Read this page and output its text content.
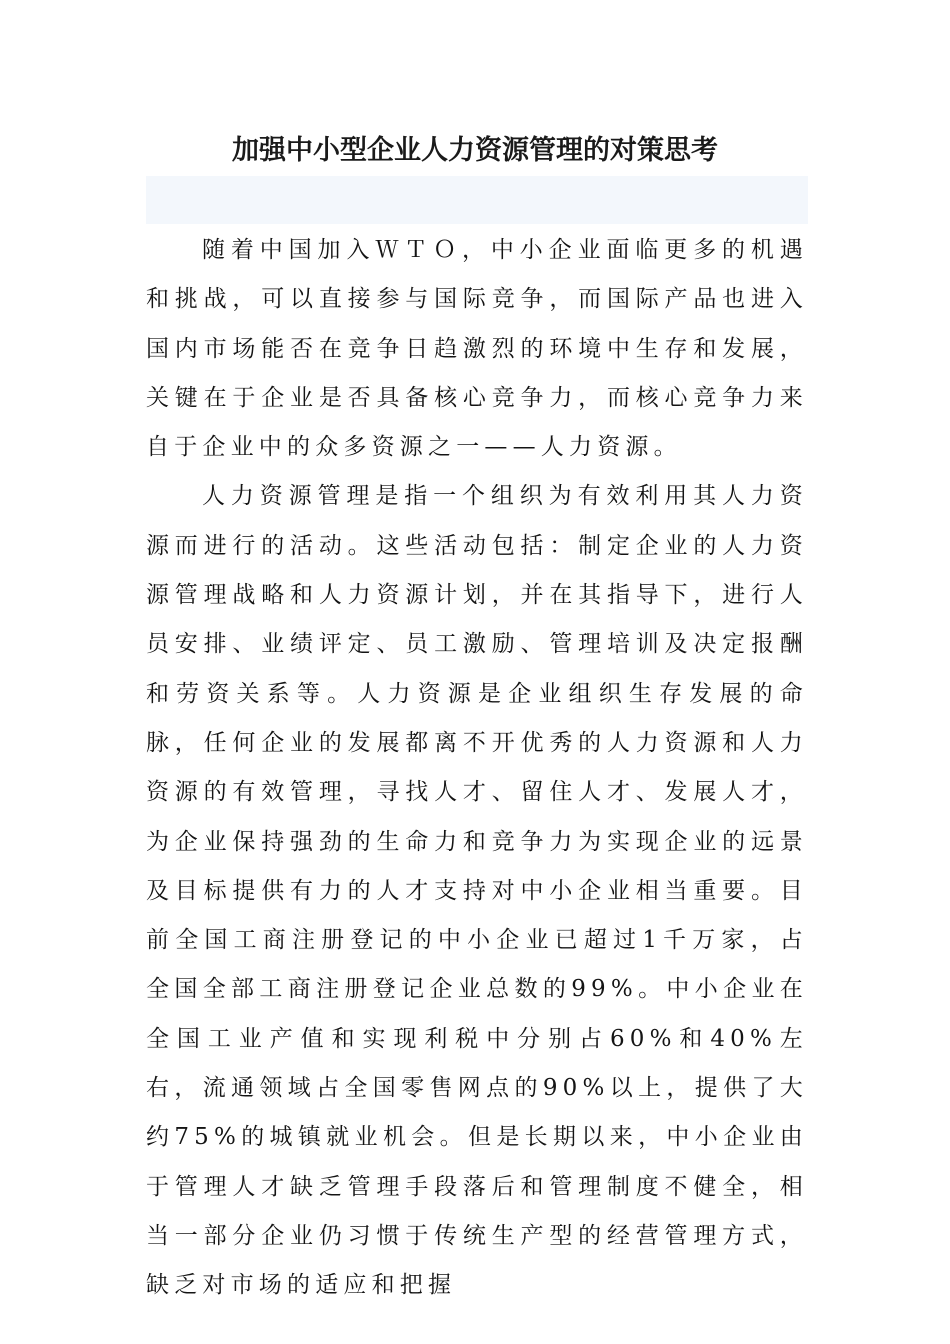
加强中小型企业人力资源管理的对策思考

随着中国加入ＷＴＯ，中小企业面临更多的机遇和挑战，可以直接参与国际竞争，而国际产品也进入国内市场能否在竞争日趋激烈的环境中生存和发展，关键在于企业是否具备核心竞争力，而核心竞争力来自于企业中的众多资源之一——人力资源。

人力资源管理是指一个组织为有效利用其人力资源而进行的活动。这些活动包括：制定企业的人力资源管理战略和人力资源计划，并在其指导下，进行人员安排、业绩评定、员工激励、管理培训及决定报酬和劳资关系等。人力资源是企业组织生存发展的命脉，任何企业的发展都离不开优秀的人力资源和人力资源的有效管理，寻找人才、留住人才、发展人才，为企业保持强劲的生命力和竞争力为实现企业的远景及目标提供有力的人才支持对中小企业相当重要。目前全国工商注册登记的中小企业已超过1千万家，占全国全部工商注册登记企业总数的99%。中小企业在全国工业产值和实现利税中分别占60%和40%左右，流通领域占全国零售网点的90%以上，提供了大约75%的城镇就业机会。但是长期以来，中小企业由于管理人才缺乏管理手段落后和管理制度不健全，相当一部分企业仍习惯于传统生产型的经营管理方式，缺乏对市场的适应和把握
